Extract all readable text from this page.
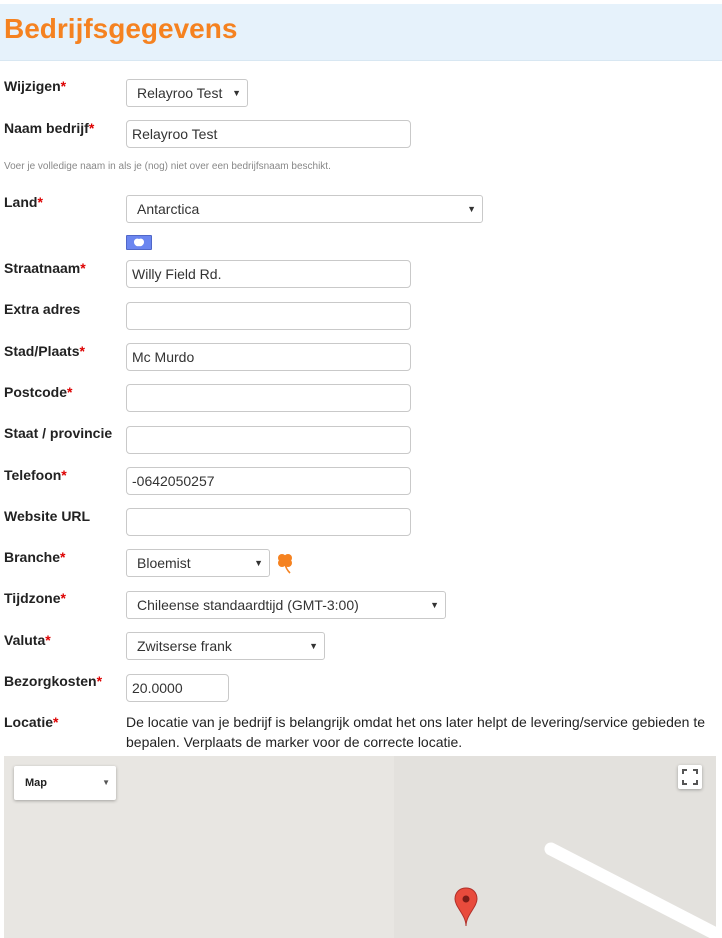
Bedrijfsgegevens
Wijzigen*	Relayroo Test ▼
Naam bedrijf*	Relayroo Test
Voer je volledige naam in als je (nog) niet over een bedrijfsnaam beschikt.
Land*	Antarctica	▼
Straatnaam*	Willy Field Rd.
Extra adres
Stad/Plaats*	Mc Murdo
Postcode*
Staat / provincie
Telefoon*	-0642050257
Website URL
Branche*	Bloemist	▼
Tijdzone*	Chileense standaardtijd (GMT-3:00)	▼
Valuta*	Zwitserse frank	▼
Bezorgkosten*	20.0000
Locatie*	De locatie van je bedrijf is belangrijk omdat het ons later helpt de levering/service gebieden te bepalen. Verplaats de marker voor de correcte locatie.
Map	▼
